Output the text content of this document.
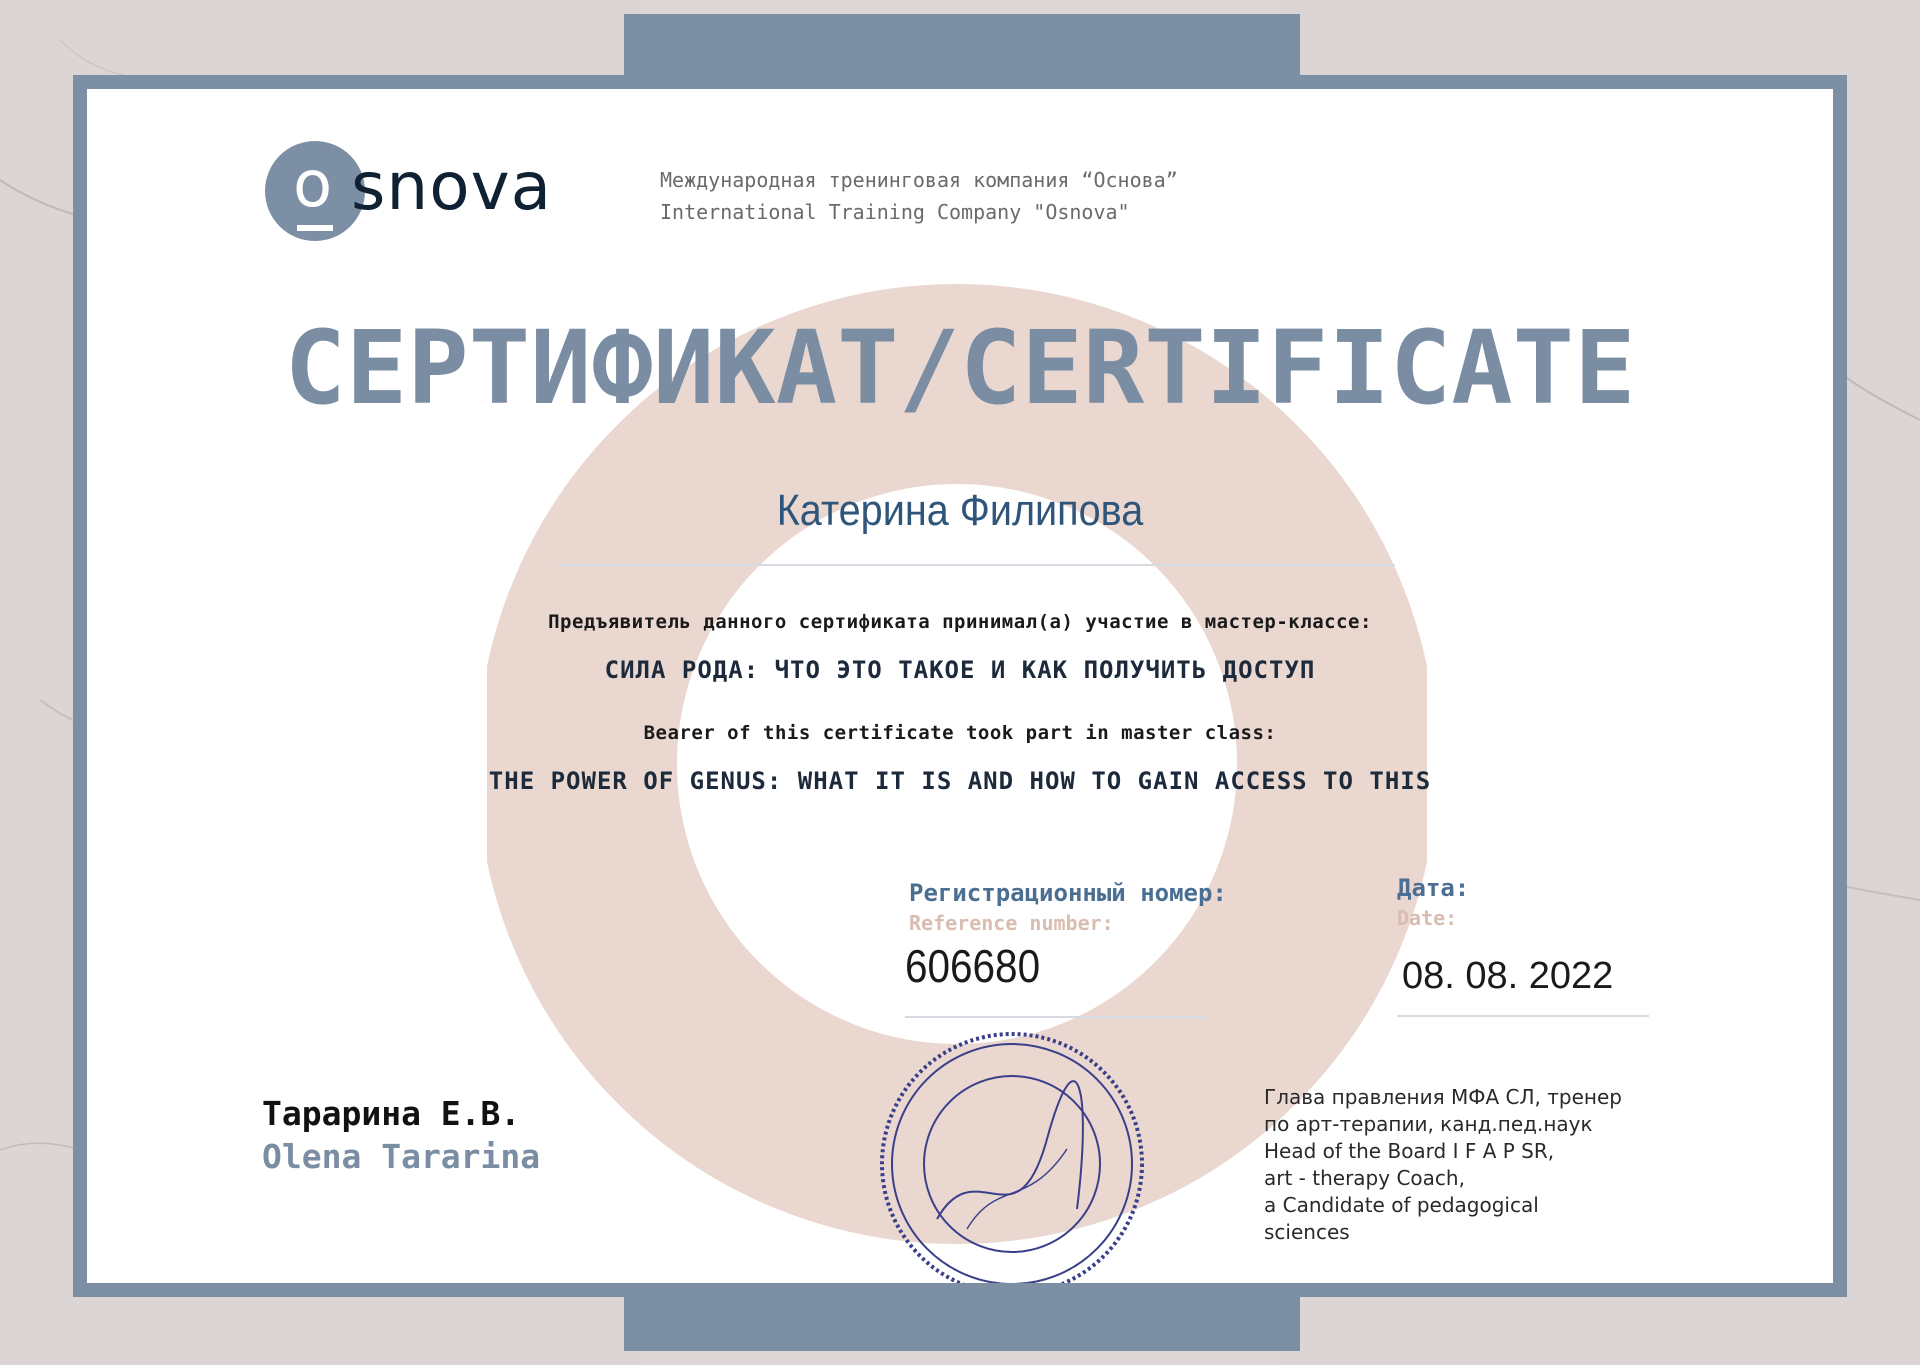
o snova	Международная тренинговая компания “Основа”
International Training Company "Osnova"
СЕРТИФИКАТ/CERTIFICATE
Катерина Филипова
Предъявитель данного сертификата принимал(а) участие в мастер-классе:
СИЛА РОДА: ЧТО ЭТО ТАКОЕ И КАК ПОЛУЧИТЬ ДОСТУП
Bearer of this certificate took part in master class:
THE POWER OF GENUS: WHAT IT IS AND HOW TO GAIN ACCESS TO THIS
Регистрационный номер:
Reference number:
606680
Дата:
Date:
08. 08. 2022
Тарарина Е.В.
Olena Tararina
Глава правления МФА СЛ, тренер
по арт-терапии, канд.пед.наук
Head of the Board I F A P SR,
art - therapy Coach,
a Candidate of pedagogical
sciences
